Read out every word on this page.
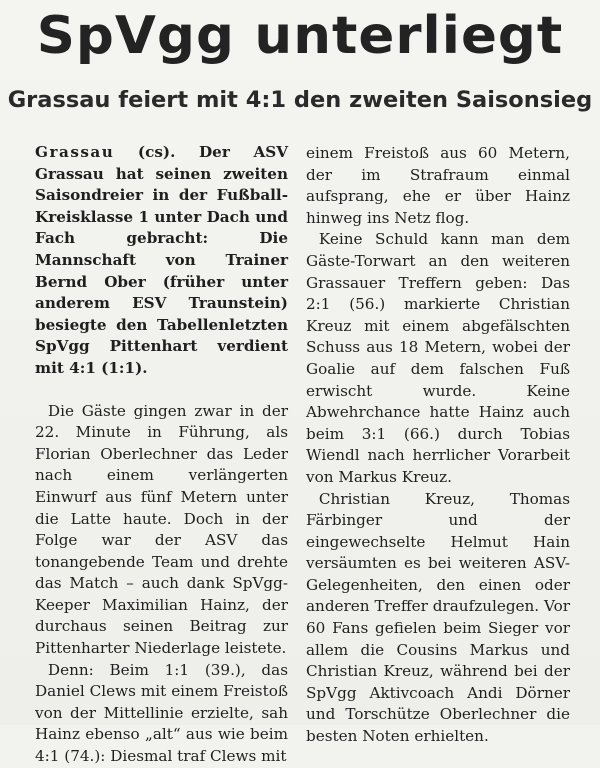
SpVgg unterliegt
Grassau feiert mit 4:1 den zweiten Saisonsieg

Grassau (cs). Der ASV Grassau hat seinen zweiten Saisondreier in der Fußball-Kreisklasse 1 unter Dach und Fach gebracht: Die Mannschaft von Trainer Bernd Ober (früher unter anderem ESV Traunstein) besiegte den Tabellenletzten SpVgg Pittenhart verdient mit 4:1 (1:1).

Die Gäste gingen zwar in der 22. Minute in Führung, als Florian Oberlechner das Leder nach einem verlängerten Einwurf aus fünf Metern unter die Latte haute. Doch in der Folge war der ASV das tonangebende Team und drehte das Match – auch dank SpVgg-Keeper Maximilian Hainz, der durchaus seinen Beitrag zur Pittenharter Niederlage leistete.

Denn: Beim 1:1 (39.), das Daniel Clews mit einem Freistoß von der Mittellinie erzielte, sah Hainz ebenso „alt“ aus wie beim 4:1 (74.): Diesmal traf Clews mit

einem Freistoß aus 60 Metern, der im Strafraum einmal aufsprang, ehe er über Hainz hinweg ins Netz flog.

Keine Schuld kann man dem Gäste-Torwart an den weiteren Grassauer Treffern geben: Das 2:1 (56.) markierte Christian Kreuz mit einem abgefälschten Schuss aus 18 Metern, wobei der Goalie auf dem falschen Fuß erwischt wurde. Keine Abwehrchance hatte Hainz auch beim 3:1 (66.) durch Tobias Wiendl nach herrlicher Vorarbeit von Markus Kreuz.

Christian Kreuz, Thomas Färbinger und der eingewechselte Helmut Hain versäumten es bei weiteren ASV-Gelegenheiten, den einen oder anderen Treffer draufzulegen. Vor 60 Fans gefielen beim Sieger vor allem die Cousins Markus und Christian Kreuz, während bei der SpVgg Aktivcoach Andi Dörner und Torschütze Oberlechner die besten Noten erhielten.
